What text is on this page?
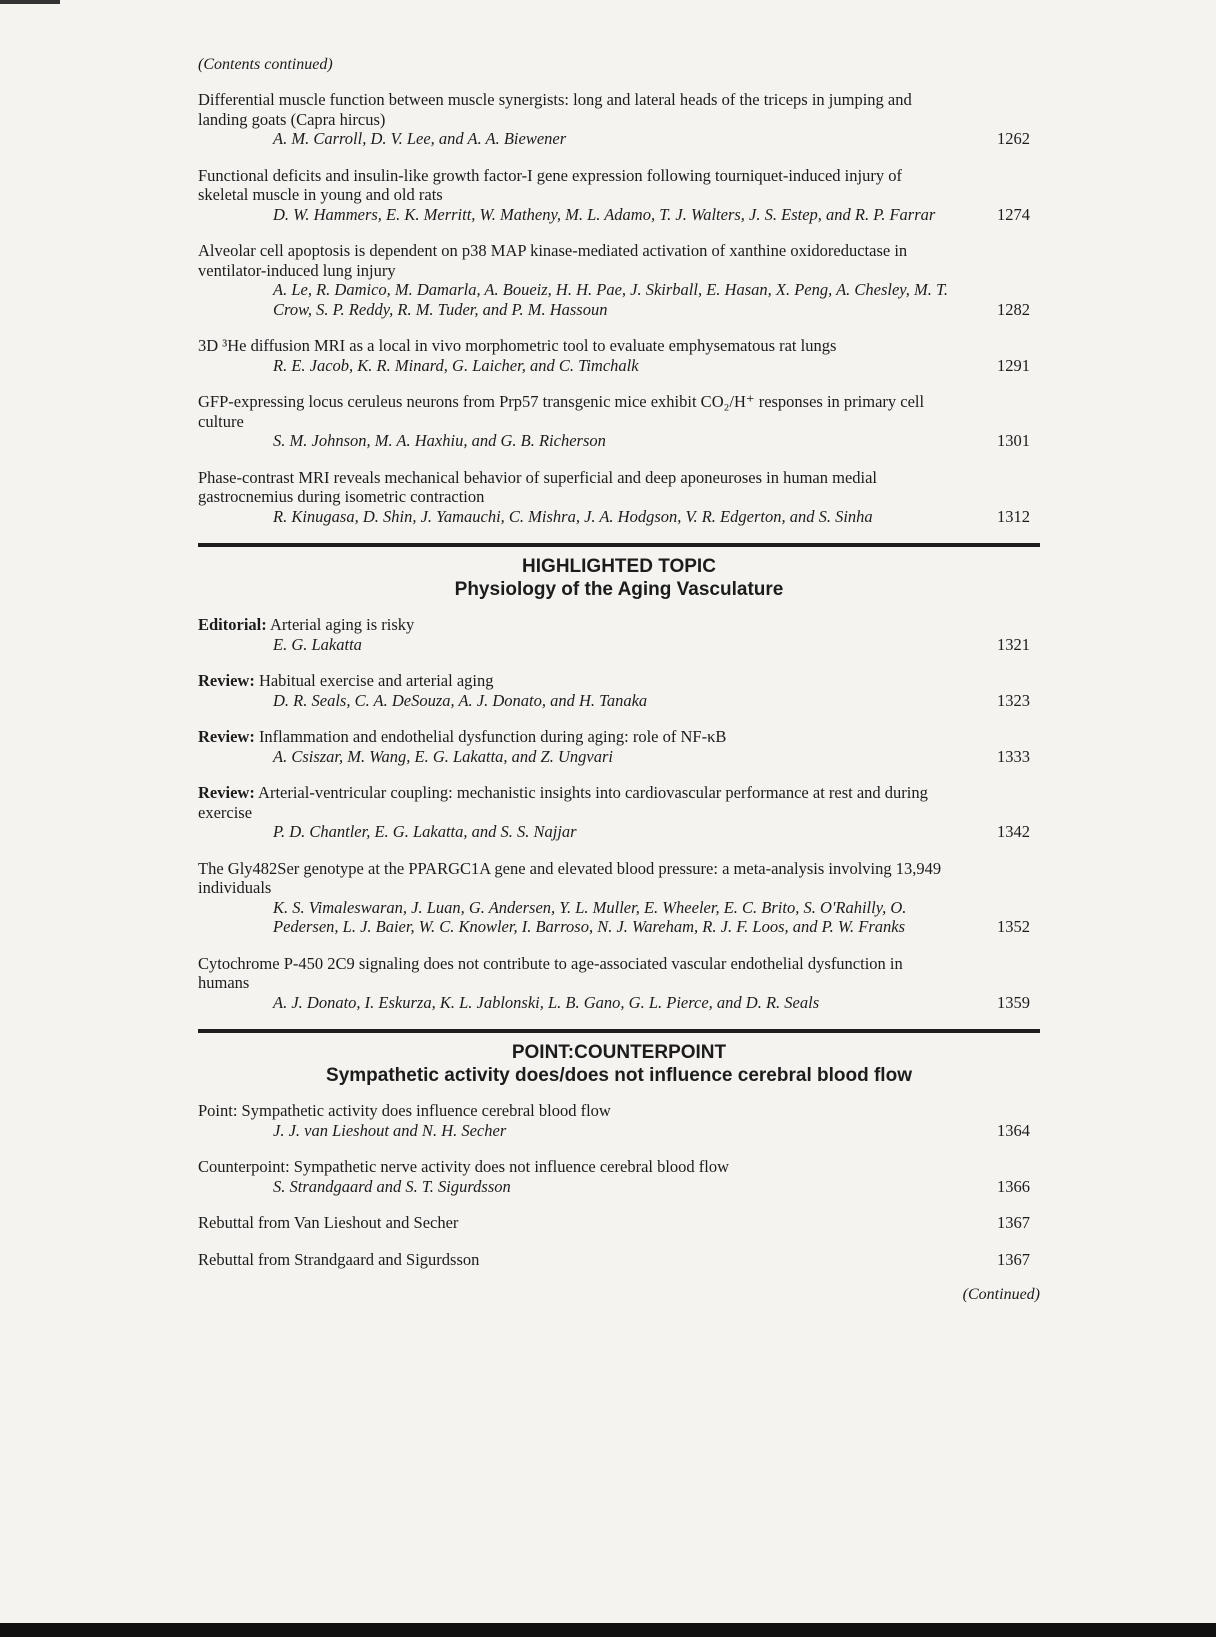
(Contents continued)
Differential muscle function between muscle synergists: long and lateral heads of the triceps in jumping and landing goats (Capra hircus)
A. M. Carroll, D. V. Lee, and A. A. Biewener	1262
Functional deficits and insulin-like growth factor-I gene expression following tourniquet-induced injury of skeletal muscle in young and old rats
D. W. Hammers, E. K. Merritt, W. Matheny, M. L. Adamo, T. J. Walters, J. S. Estep, and R. P. Farrar	1274
Alveolar cell apoptosis is dependent on p38 MAP kinase-mediated activation of xanthine oxidoreductase in ventilator-induced lung injury
A. Le, R. Damico, M. Damarla, A. Boueiz, H. H. Pae, J. Skirball, E. Hasan, X. Peng, A. Chesley, M. T. Crow, S. P. Reddy, R. M. Tuder, and P. M. Hassoun	1282
3D ³He diffusion MRI as a local in vivo morphometric tool to evaluate emphysematous rat lungs
R. E. Jacob, K. R. Minard, G. Laicher, and C. Timchalk	1291
GFP-expressing locus ceruleus neurons from Prp57 transgenic mice exhibit CO₂/H⁺ responses in primary cell culture
S. M. Johnson, M. A. Haxhiu, and G. B. Richerson	1301
Phase-contrast MRI reveals mechanical behavior of superficial and deep aponeuroses in human medial gastrocnemius during isometric contraction
R. Kinugasa, D. Shin, J. Yamauchi, C. Mishra, J. A. Hodgson, V. R. Edgerton, and S. Sinha	1312
HIGHLIGHTED TOPIC
Physiology of the Aging Vasculature
Editorial: Arterial aging is risky
E. G. Lakatta	1321
Review: Habitual exercise and arterial aging
D. R. Seals, C. A. DeSouza, A. J. Donato, and H. Tanaka	1323
Review: Inflammation and endothelial dysfunction during aging: role of NF-κB
A. Csiszar, M. Wang, E. G. Lakatta, and Z. Ungvari	1333
Review: Arterial-ventricular coupling: mechanistic insights into cardiovascular performance at rest and during exercise
P. D. Chantler, E. G. Lakatta, and S. S. Najjar	1342
The Gly482Ser genotype at the PPARGC1A gene and elevated blood pressure: a meta-analysis involving 13,949 individuals
K. S. Vimaleswaran, J. Luan, G. Andersen, Y. L. Muller, E. Wheeler, E. C. Brito, S. O'Rahilly, O. Pedersen, L. J. Baier, W. C. Knowler, I. Barroso, N. J. Wareham, R. J. F. Loos, and P. W. Franks	1352
Cytochrome P-450 2C9 signaling does not contribute to age-associated vascular endothelial dysfunction in humans
A. J. Donato, I. Eskurza, K. L. Jablonski, L. B. Gano, G. L. Pierce, and D. R. Seals	1359
POINT:COUNTERPOINT
Sympathetic activity does/does not influence cerebral blood flow
Point: Sympathetic activity does influence cerebral blood flow
J. J. van Lieshout and N. H. Secher	1364
Counterpoint: Sympathetic nerve activity does not influence cerebral blood flow
S. Strandgaard and S. T. Sigurdsson	1366
Rebuttal from Van Lieshout and Secher	1367
Rebuttal from Strandgaard and Sigurdsson	1367
(Continued)
